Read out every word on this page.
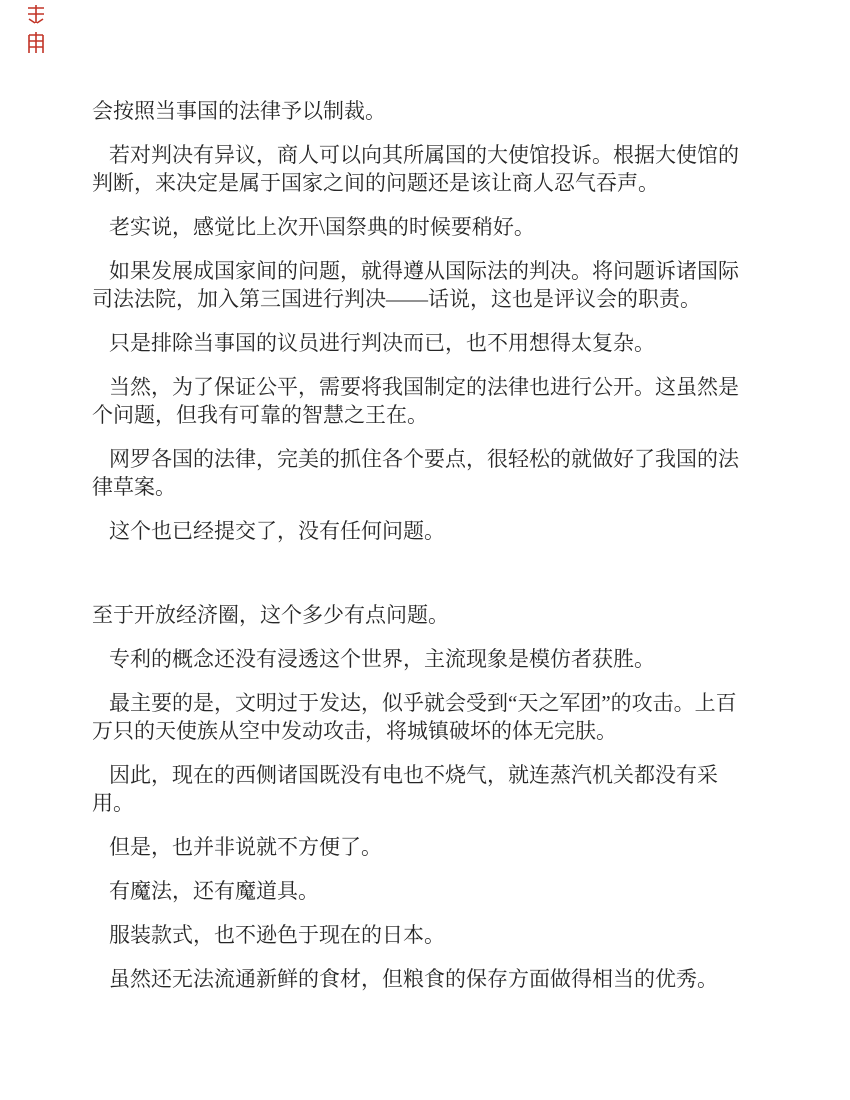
会按照当事国的法律予以制裁。

若对判决有异议，商人可以向其所属国的大使馆投诉。根据大使馆的判断，来决定是属于国家之间的问题还是该让商人忍气吞声。

老实说，感觉比上次开\国祭典的时候要稍好。

如果发展成国家间的问题，就得遵从国际法的判决。将问题诉诸国际司法法院，加入第三国进行判决——话说，这也是评议会的职责。

只是排除当事国的议员进行判决而已，也不用想得太复杂。

当然，为了保证公平，需要将我国制定的法律也进行公开。这虽然是个问题，但我有可靠的智慧之王在。

网罗各国的法律，完美的抓住各个要点，很轻松的就做好了我国的法律草案。

这个也已经提交了，没有任何问题。

至于开放经济圈，这个多少有点问题。

专利的概念还没有浸透这个世界，主流现象是模仿者获胜。

最主要的是，文明过于发达，似乎就会受到“天之军团”的攻击。上百万只的天使族从空中发动攻击，将城镇破坏的体无完肤。

因此，现在的西侧诸国既没有电也不烧气，就连蒸汽机关都没有采用。

但是，也并非说就不方便了。

有魔法，还有魔道具。

服装款式，也不逊色于现在的日本。

虽然还无法流通新鲜的食材，但粮食的保存方面做得相当的优秀。
